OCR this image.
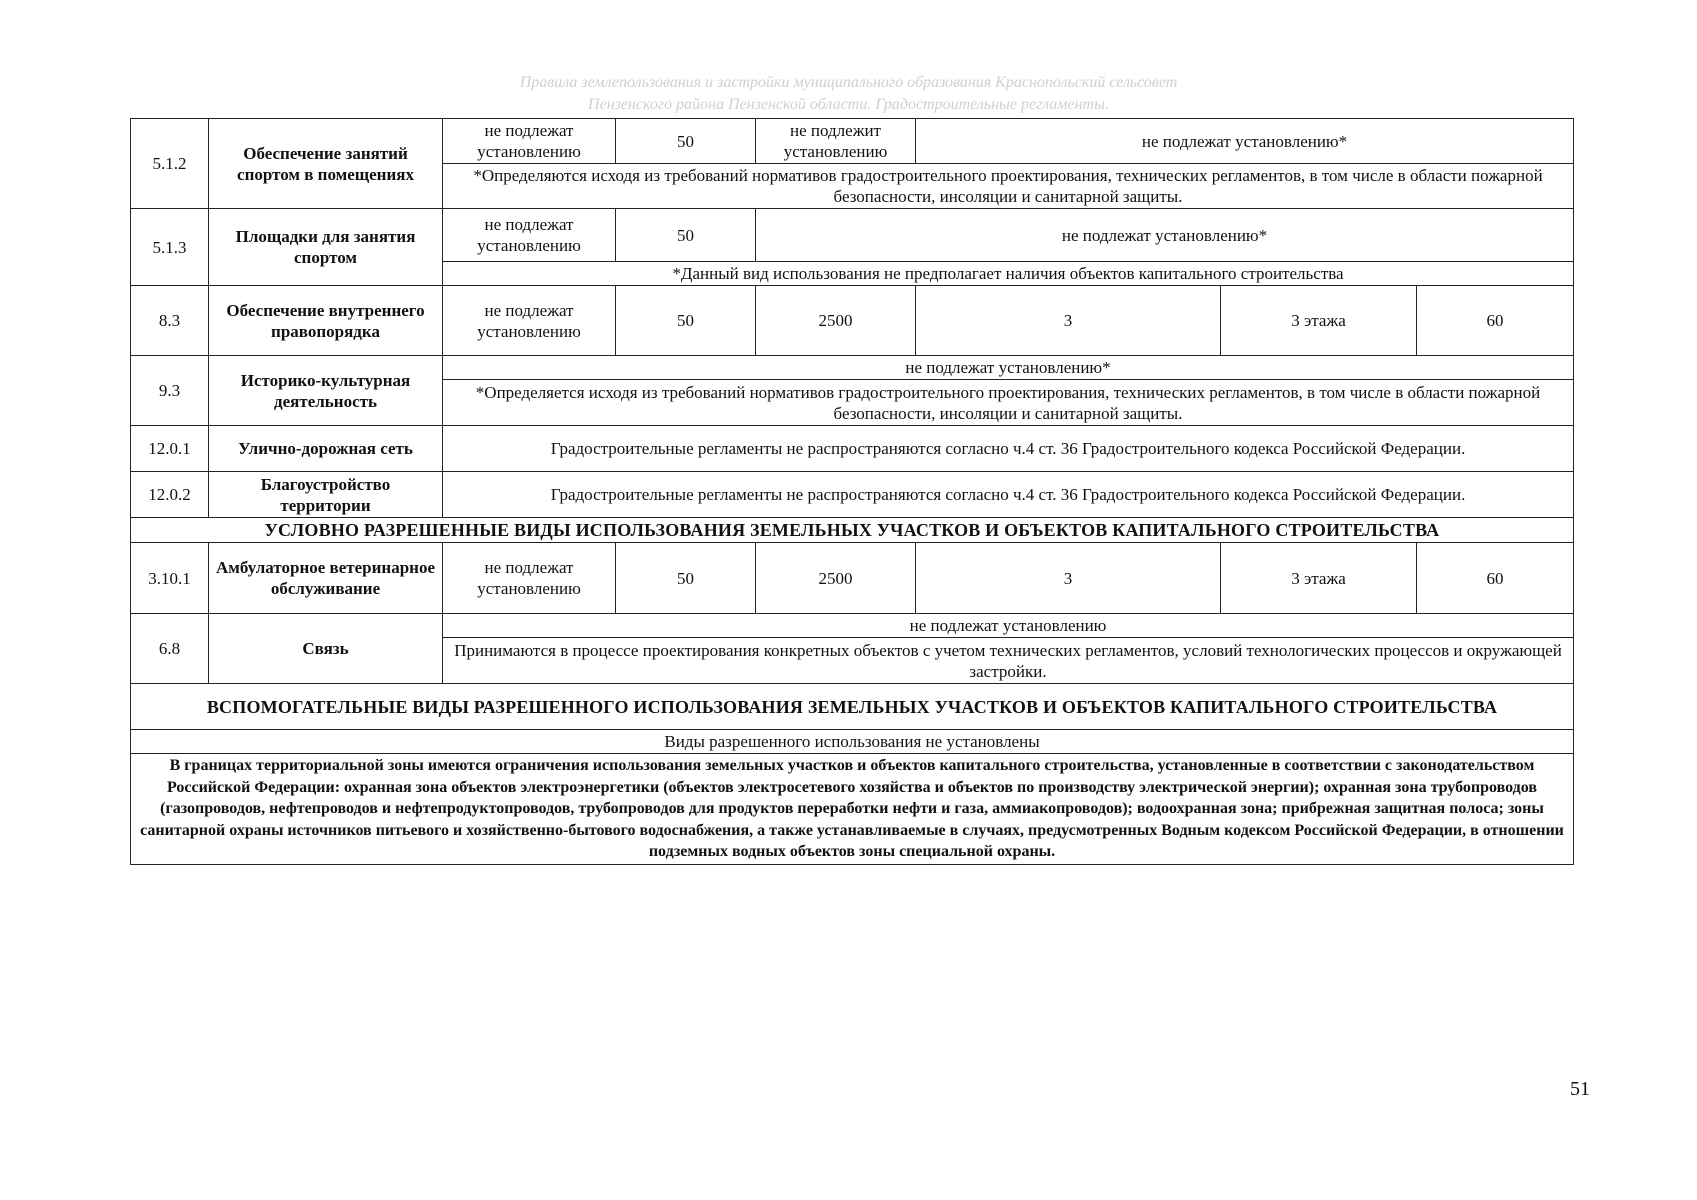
Правила землепользования и застройки муниципального образования Краснопольский сельсовет
Пензенского района Пензенской области. Градостроительные регламенты.
5.1.2	Обеспечение занятий спортом в помещениях	не подлежат установлению	50	не подлежит установлению	не подлежат установлению*		
		*Определяются исходя из требований нормативов градостроительного проектирования, технических регламентов, в том числе в области пожарной безопасности, инсоляции и санитарной защиты.					
5.1.3	Площадки для занятия спортом	не подлежат установлению	50	не подлежат установлению*			
		*Данный вид использования не предполагает наличия объектов капитального строительства					
8.3	Обеспечение внутреннего правопорядка	не подлежат установлению	50	2500	3	3 этажа	60
9.3	Историко-культурная деятельность	не подлежат установлению*					
		*Определяется исходя из требований нормативов градостроительного проектирования, технических регламентов, в том числе в области пожарной безопасности, инсоляции и санитарной защиты.					
12.0.1	Улично-дорожная сеть	Градостроительные регламенты не распространяются согласно ч.4 ст. 36 Градостроительного кодекса Российской Федерации.					
12.0.2	Благоустройство территории	Градостроительные регламенты не распространяются согласно ч.4 ст. 36 Градостроительного кодекса Российской Федерации.					
УСЛОВНО РАЗРЕШЕННЫЕ ВИДЫ ИСПОЛЬЗОВАНИЯ ЗЕМЕЛЬНЫХ УЧАСТКОВ И ОБЪЕКТОВ КАПИТАЛЬНОГО СТРОИТЕЛЬСТВА							
3.10.1	Амбулаторное ветеринарное обслуживание	не подлежат установлению	50	2500	3	3 этажа	60
6.8	Связь	не подлежат установлению					
		Принимаются в процессе проектирования конкретных объектов с учетом технических регламентов, условий технологических процессов и окружающей застройки.					
ВСПОМОГАТЕЛЬНЫЕ ВИДЫ РАЗРЕШЕННОГО ИСПОЛЬЗОВАНИЯ ЗЕМЕЛЬНЫХ УЧАСТКОВ И ОБЪЕКТОВ КАПИТАЛЬНОГО СТРОИТЕЛЬСТВА							
Виды разрешенного использования не установлены							
В границах территориальной зоны имеются ограничения использования земельных участков и объектов капитального строительства, установленные в соответствии с законодательством Российской Федерации: охранная зона объектов электроэнергетики (объектов электросетевого хозяйства и объектов по производству электрической энергии); охранная зона трубопроводов (газопроводов, нефтепроводов и нефтепродуктопроводов, трубопроводов для продуктов переработки нефти и газа, аммиакопроводов); водоохранная зона; прибрежная защитная полоса; зоны санитарной охраны источников питьевого и хозяйственно-бытового водоснабжения, а также устанавливаемые в случаях, предусмотренных Водным кодексом Российской Федерации, в отношении подземных водных объектов зоны специальной охраны.							
51
